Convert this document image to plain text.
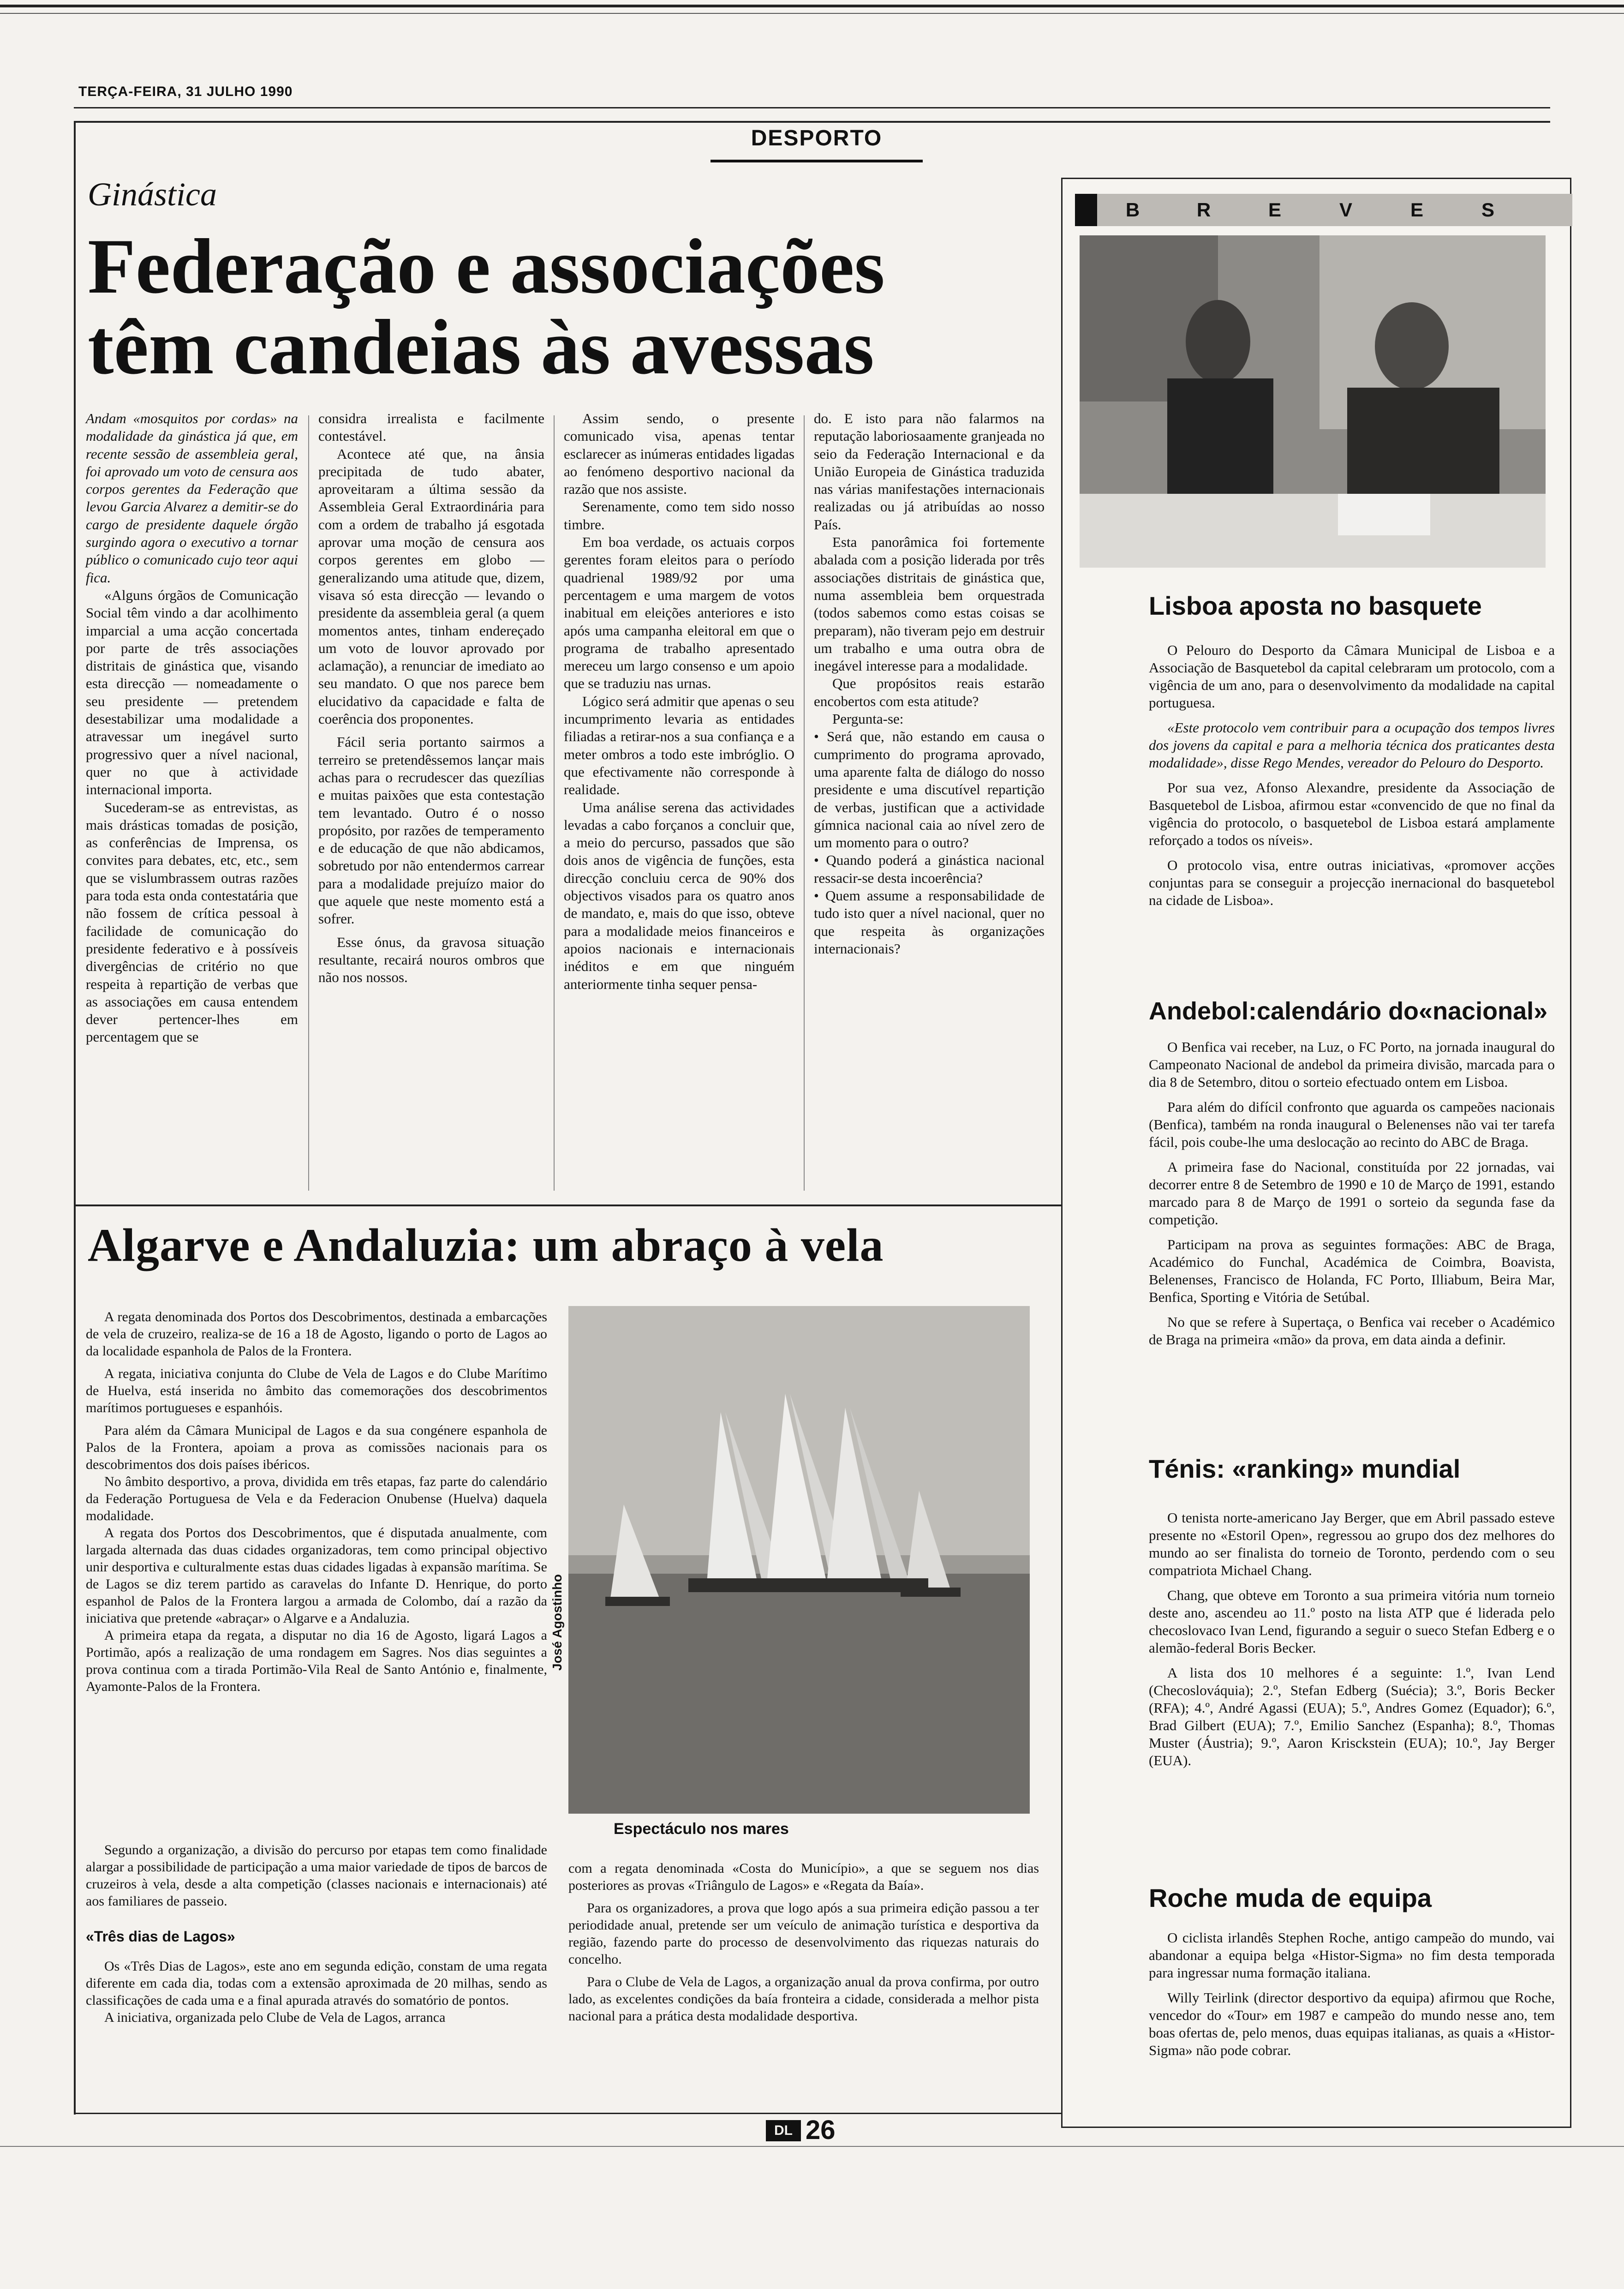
TERÇA-FEIRA, 31 JULHO 1990
DESPORTO
Ginástica
Federação e associações
têm candeias às avessas

Andam «mosquitos por cordas» na modalidade da ginástica já que, em recente sessão de assembleia geral, foi aprovado um voto de censura aos corpos gerentes da Federação que levou Garcia Alvarez a demitir-se do cargo de presidente daquele órgão surgindo agora o executivo a tornar público o comunicado cujo teor aqui fica.

«Alguns órgãos de Comunicação Social têm vindo a dar acolhimento imparcial a uma acção concertada por parte de três associações distritais de ginástica que, visando esta direcção — nomeadamente o seu presidente — pretendem desestabilizar uma modalidade a atravessar um inegável surto progressivo quer a nível nacional, quer no que à actividade internacional importa.

Sucederam-se as entrevistas, as mais drásticas tomadas de posição, as conferências de Imprensa, os convites para debates, etc, etc., sem que se vislumbrassem outras razões para toda esta onda contestatária que não fossem de crítica pessoal à facilidade de comunicação do presidente federativo e à possíveis divergências de critério no que respeita à repartição de verbas que as associações em causa entendem dever pertencer-lhes em percentagem que se

considra irrealista e facilmente contestável.

Acontece até que, na ânsia precipitada de tudo abater, aproveitaram a última sessão da Assembleia Geral Extraordinária para com a ordem de trabalho já esgotada aprovar uma moção de censura aos corpos gerentes em globo — generalizando uma atitude que, dizem, visava só esta direcção — levando o presidente da assembleia geral (a quem momentos antes, tinham endereçado um voto de louvor aprovado por aclamação), a renunciar de imediato ao seu mandato. O que nos parece bem elucidativo da capacidade e falta de coerência dos proponentes.

Fácil seria portanto sairmos a terreiro se pretendêssemos lançar mais achas para o recrudescer das quezílias e muitas paixões que esta contestação tem levantado. Outro é o nosso propósito, por razões de temperamento e de educação de que não abdicamos, sobretudo por não entendermos carrear para a modalidade prejuízo maior do que aquele que neste momento está a sofrer.

Esse ónus, da gravosa situação resultante, recairá nouros ombros que não nos nossos.

Assim sendo, o presente comunicado visa, apenas tentar esclarecer as inúmeras entidades ligadas ao fenómeno desportivo nacional da razão que nos assiste.

Serenamente, como tem sido nosso timbre.

Em boa verdade, os actuais corpos gerentes foram eleitos para o período quadrienal 1989/92 por uma percentagem e uma margem de votos inabitual em eleições anteriores e isto após uma campanha eleitoral em que o programa de trabalho apresentado mereceu um largo consenso e um apoio que se traduziu nas urnas.

Lógico será admitir que apenas o seu incumprimento levaria as entidades filiadas a retirar-nos a sua confiança e a meter ombros a todo este imbróglio. O que efectivamente não corresponde à realidade.

Uma análise serena das actividades levadas a cabo forçanos a concluir que, a meio do percurso, passados que são dois anos de vigência de funções, esta direcção concluiu cerca de 90% dos objectivos visados para os quatro anos de mandato, e, mais do que isso, obteve para a modalidade meios financeiros e apoios nacionais e internacionais inéditos e em que ninguém anteriormente tinha sequer pensa-

do. E isto para não falarmos na reputação laboriosaamente granjeada no seio da Federação Internacional e da União Europeia de Ginástica traduzida nas várias manifestações internacionais realizadas ou já atribuídas ao nosso País.

Esta panorâmica foi fortemente abalada com a posição liderada por três associações distritais de ginástica que, numa assembleia bem orquestrada (todos sabemos como estas coisas se preparam), não tiveram pejo em destruir um trabalho e uma outra obra de inegável interesse para a modalidade.

Que propósitos reais estarão encobertos com esta atitude?

Pergunta-se:

• Será que, não estando em causa o cumprimento do programa aprovado, uma aparente falta de diálogo do nosso presidente e uma discutível repartição de verbas, justifican que a actividade gímnica nacional caia ao nível zero de um momento para o outro?

• Quando poderá a ginástica nacional ressacir-se desta incoerência?

• Quem assume a responsabilidade de tudo isto quer a nível nacional, quer no que respeita às organizações internacionais?

Algarve e Andaluzia: um abraço à vela

A regata denominada dos Portos dos Descobrimentos, destinada a embarcações de vela de cruzeiro, realiza-se de 16 a 18 de Agosto, ligando o porto de Lagos ao da localidade espanhola de Palos de la Frontera.

A regata, iniciativa conjunta do Clube de Vela de Lagos e do Clube Marítimo de Huelva, está inserida no âmbito das comemorações dos descobrimentos marítimos portugueses e espanhóis.

Para além da Câmara Municipal de Lagos e da sua congénere espanhola de Palos de la Frontera, apoiam a prova as comissões nacionais para os descobrimentos dos dois países ibéricos.

No âmbito desportivo, a prova, dividida em três etapas, faz parte do calendário da Federação Portuguesa de Vela e da Federacion Onubense (Huelva) daquela modalidade.

A regata dos Portos dos Descobrimentos, que é disputada anualmente, com largada alternada das duas cidades organizadoras, tem como principal objectivo unir desportiva e culturalmente estas duas cidades ligadas à expansão marítima. Se de Lagos se diz terem partido as caravelas do Infante D. Henrique, do porto espanhol de Palos de la Frontera largou a armada de Colombo, daí a razão da iniciativa que pretende «abraçar» o Algarve e a Andaluzia.

A primeira etapa da regata, a disputar no dia 16 de Agosto, ligará Lagos a Portimão, após a realização de uma rondagem em Sagres. Nos dias seguintes a prova continua com a tirada Portimão-Vila Real de Santo António e, finalmente, Ayamonte-Palos de la Frontera.

Segundo a organização, a divisão do percurso por etapas tem como finalidade alargar a possibilidade de participação a uma maior variedade de tipos de barcos de cruzeiros à vela, desde a alta competição (classes nacionais e internacionais) até aos familiares de passeio.

«Três dias de Lagos»

Os «Três Dias de Lagos», este ano em segunda edição, constam de uma regata diferente em cada dia, todas com a extensão aproximada de 20 milhas, sendo as classificações de cada uma e a final apurada através do somatório de pontos.

A iniciativa, organizada pelo Clube de Vela de Lagos, arranca

José Agostinho
Espectáculo nos mares

com a regata denominada «Costa do Município», a que se seguem nos dias posteriores as provas «Triângulo de Lagos» e «Regata da Baía».

Para os organizadores, a prova que logo após a sua primeira edição passou a ter periodidade anual, pretende ser um veículo de animação turística e desportiva da região, fazendo parte do processo de desenvolvimento das riquezas naturais do concelho.

Para o Clube de Vela de Lagos, a organização anual da prova confirma, por outro lado, as excelentes condições da baía fronteira a cidade, considerada a melhor pista nacional para a prática desta modalidade desportiva.

DL 26
B	R	E	V	E	S
Lisboa aposta no basquete

O Pelouro do Desporto da Câmara Municipal de Lisboa e a Associação de Basquetebol da capital celebraram um protocolo, com a vigência de um ano, para o desenvolvimento da modalidade na capital portuguesa.

«Este protocolo vem contribuir para a ocupação dos tempos livres dos jovens da capital e para a melhoria técnica dos praticantes desta modalidade», disse Rego Mendes, vereador do Pelouro do Desporto.

Por sua vez, Afonso Alexandre, presidente da Associação de Basquetebol de Lisboa, afirmou estar «convencido de que no final da vigência do protocolo, o basquetebol de Lisboa estará amplamente reforçado a todos os níveis».

O protocolo visa, entre outras iniciativas, «promover acções conjuntas para se conseguir a projecção inernacional do basquetebol na cidade de Lisboa».

Andebol:calendário do«nacional»

O Benfica vai receber, na Luz, o FC Porto, na jornada inaugural do Campeonato Nacional de andebol da primeira divisão, marcada para o dia 8 de Setembro, ditou o sorteio efectuado ontem em Lisboa.

Para além do difícil confronto que aguarda os campeões nacionais (Benfica), também na ronda inaugural o Belenenses não vai ter tarefa fácil, pois coube-lhe uma deslocação ao recinto do ABC de Braga.

A primeira fase do Nacional, constituída por 22 jornadas, vai decorrer entre 8 de Setembro de 1990 e 10 de Março de 1991, estando marcado para 8 de Março de 1991 o sorteio da segunda fase da competição.

Participam na prova as seguintes formações: ABC de Braga, Académico do Funchal, Académica de Coimbra, Boavista, Belenenses, Francisco de Holanda, FC Porto, Illiabum, Beira Mar, Benfica, Sporting e Vitória de Setúbal.

No que se refere à Supertaça, o Benfica vai receber o Académico de Braga na primeira «mão» da prova, em data ainda a definir.

Ténis: «ranking» mundial

O tenista norte-americano Jay Berger, que em Abril passado esteve presente no «Estoril Open», regressou ao grupo dos dez melhores do mundo ao ser finalista do torneio de Toronto, perdendo com o seu compatriota Michael Chang.

Chang, que obteve em Toronto a sua primeira vitória num torneio deste ano, ascendeu ao 11.º posto na lista ATP que é liderada pelo checoslovaco Ivan Lend, figurando a seguir o sueco Stefan Edberg e o alemão-federal Boris Becker.

A lista dos 10 melhores é a seguinte: 1.º, Ivan Lend (Checoslováquia); 2.º, Stefan Edberg (Suécia); 3.º, Boris Becker (RFA); 4.º, André Agassi (EUA); 5.º, Andres Gomez (Equador); 6.º, Brad Gilbert (EUA); 7.º, Emilio Sanchez (Espanha); 8.º, Thomas Muster (Áustria); 9.º, Aaron Krisckstein (EUA); 10.º, Jay Berger (EUA).

Roche muda de equipa

O ciclista irlandês Stephen Roche, antigo campeão do mundo, vai abandonar a equipa belga «Histor-Sigma» no fim desta temporada para ingressar numa formação italiana.

Willy Teirlink (director desportivo da equipa) afirmou que Roche, vencedor do «Tour» em 1987 e campeão do mundo nesse ano, tem boas ofertas de, pelo menos, duas equipas italianas, as quais a «Histor-Sigma» não pode cobrar.
